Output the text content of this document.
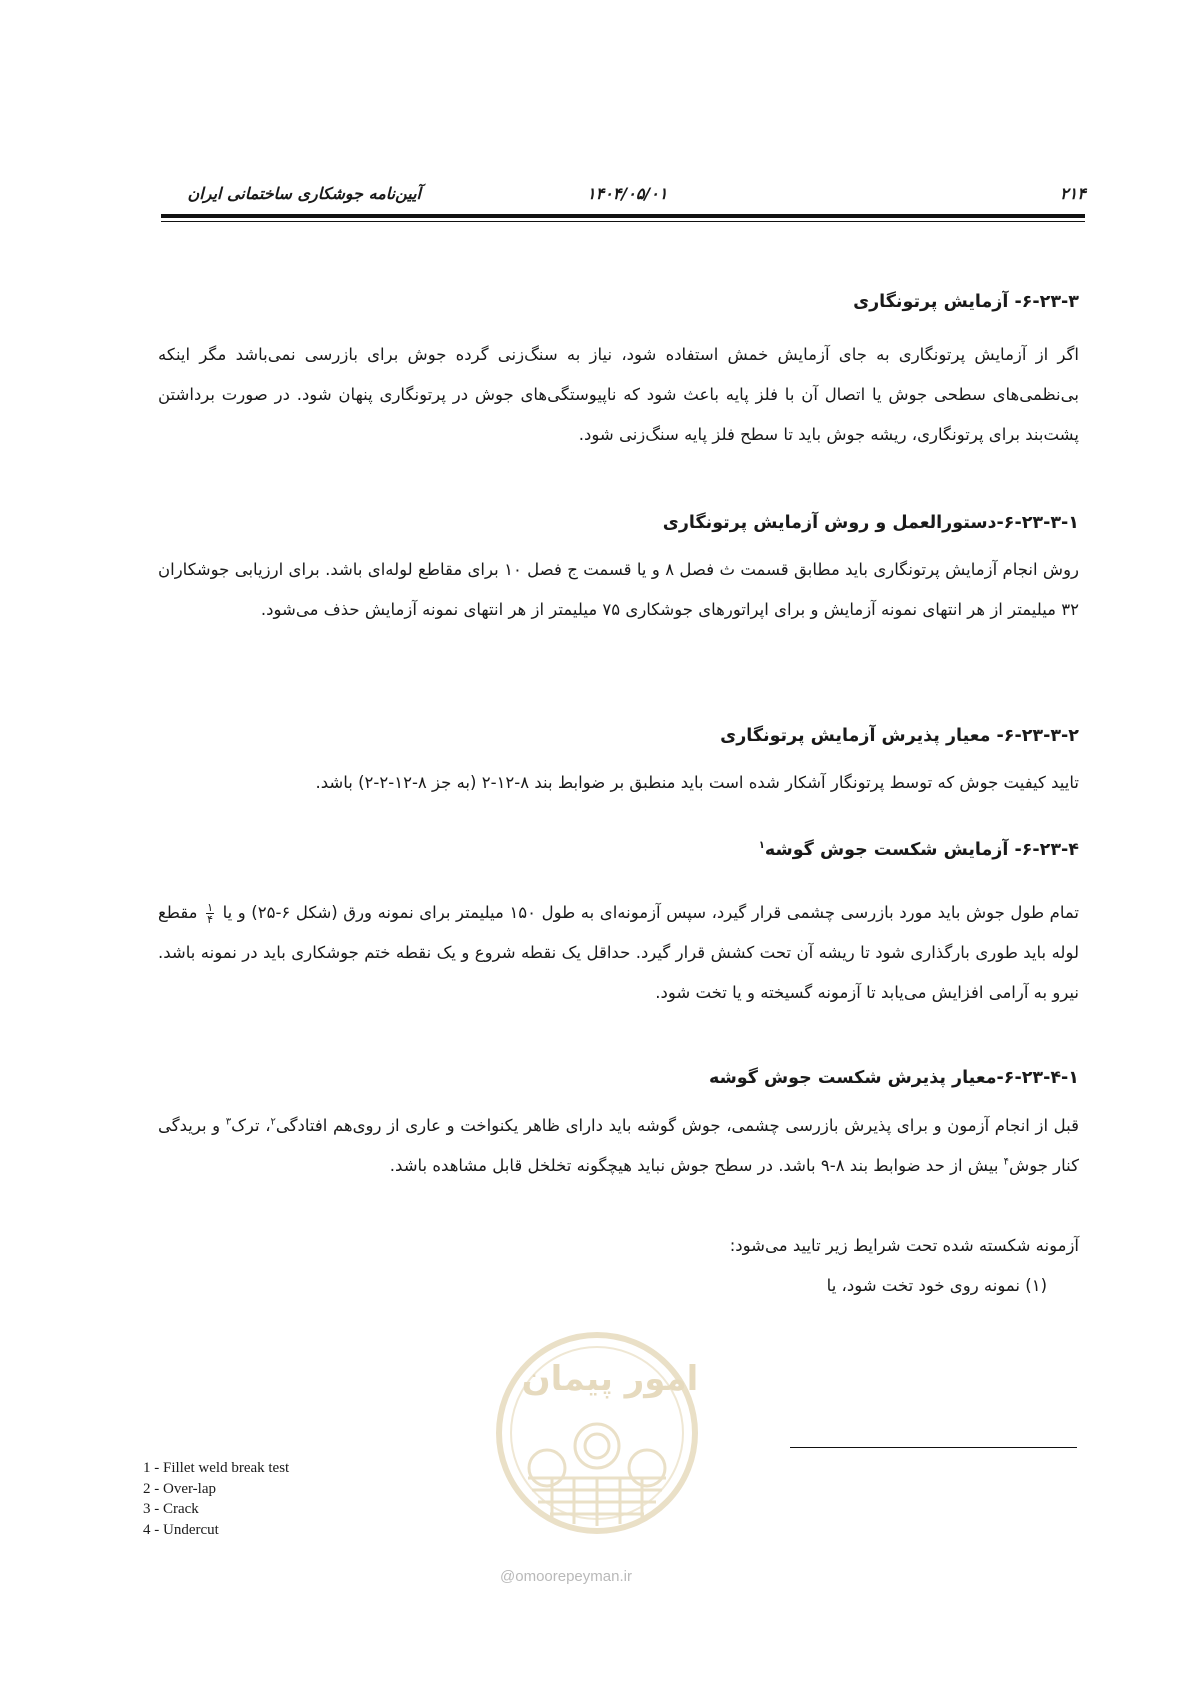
آیین‌نامه جوشکاری ساختمانی ایران	۱۴۰۴/۰۵/۰۱	۲۱۴
۶-۲۳-۳- آزمایش پرتونگاری
اگر از آزمایش پرتونگاری به جای آزمایش خمش استفاده شود، نیاز به سنگ‌زنی گرده جوش برای بازرسی نمی‌باشد مگر اینکه بی‌نظمی‌های سطحی جوش یا اتصال آن با فلز پایه باعث شود که ناپیوستگی‌های جوش در پرتونگاری پنهان شود. در صورت برداشتن پشت‌بند برای پرتونگاری، ریشه جوش باید تا سطح فلز پایه سنگ‌زنی شود.
۶-۲۳-۳-۱-دستورالعمل و روش آزمایش پرتونگاری
روش انجام آزمایش پرتونگاری باید مطابق قسمت ث فصل ۸ و یا قسمت ج فصل ۱۰ برای مقاطع لوله‌ای باشد. برای ارزیابی جوشکاران ۳۲ میلیمتر از هر انتهای نمونه آزمایش و برای اپراتورهای جوشکاری ۷۵ میلیمتر از هر انتهای نمونه آزمایش حذف می‌شود.
۶-۲۳-۳-۲- معیار پذیرش آزمایش پرتونگاری
تایید کیفیت جوش که توسط پرتونگار آشکار شده است باید منطبق بر ضوابط بند ۸-۱۲-۲ (به جز ۸-۱۲-۲-۲) باشد.
۶-۲۳-۴- آزمایش شکست جوش گوشه$^۱$
تمام طول جوش باید مورد بازرسی چشمی قرار گیرد، سپس آزمونه‌ای به طول ۱۵۰ میلیمتر برای نمونه ورق (شکل ۶-۲۵) و یا
$\frac{۱}{۴}$
مقطع لوله باید طوری بارگذاری شود تا ریشه آن تحت کشش قرار گیرد. حداقل یک نقطه شروع و یک نقطه ختم جوشکاری باید در نمونه باشد. نیرو به آرامی افزایش می‌یابد تا آزمونه گسیخته و یا تخت شود.
۶-۲۳-۴-۱-معیار پذیرش شکست جوش گوشه
قبل از انجام آزمون و برای پذیرش بازرسی چشمی، جوش گوشه باید دارای ظاهر یکنواخت و عاری از روی‌هم افتادگی$^۲$، ترک$^۳$ و بریدگی کنار جوش$^۴$ بیش از حد ضوابط بند ۸-۹ باشد. در سطح جوش نباید هیچگونه تخلخل قابل مشاهده باشد.
آزمونه شکسته شده تحت شرایط زیر تایید می‌شود:
(۱) نمونه روی خود تخت شود، یا
امور پیمان
@omoorepeyman.ir
1 - Fillet weld break test
2 - Over-lap
3 - Crack
4 - Undercut
